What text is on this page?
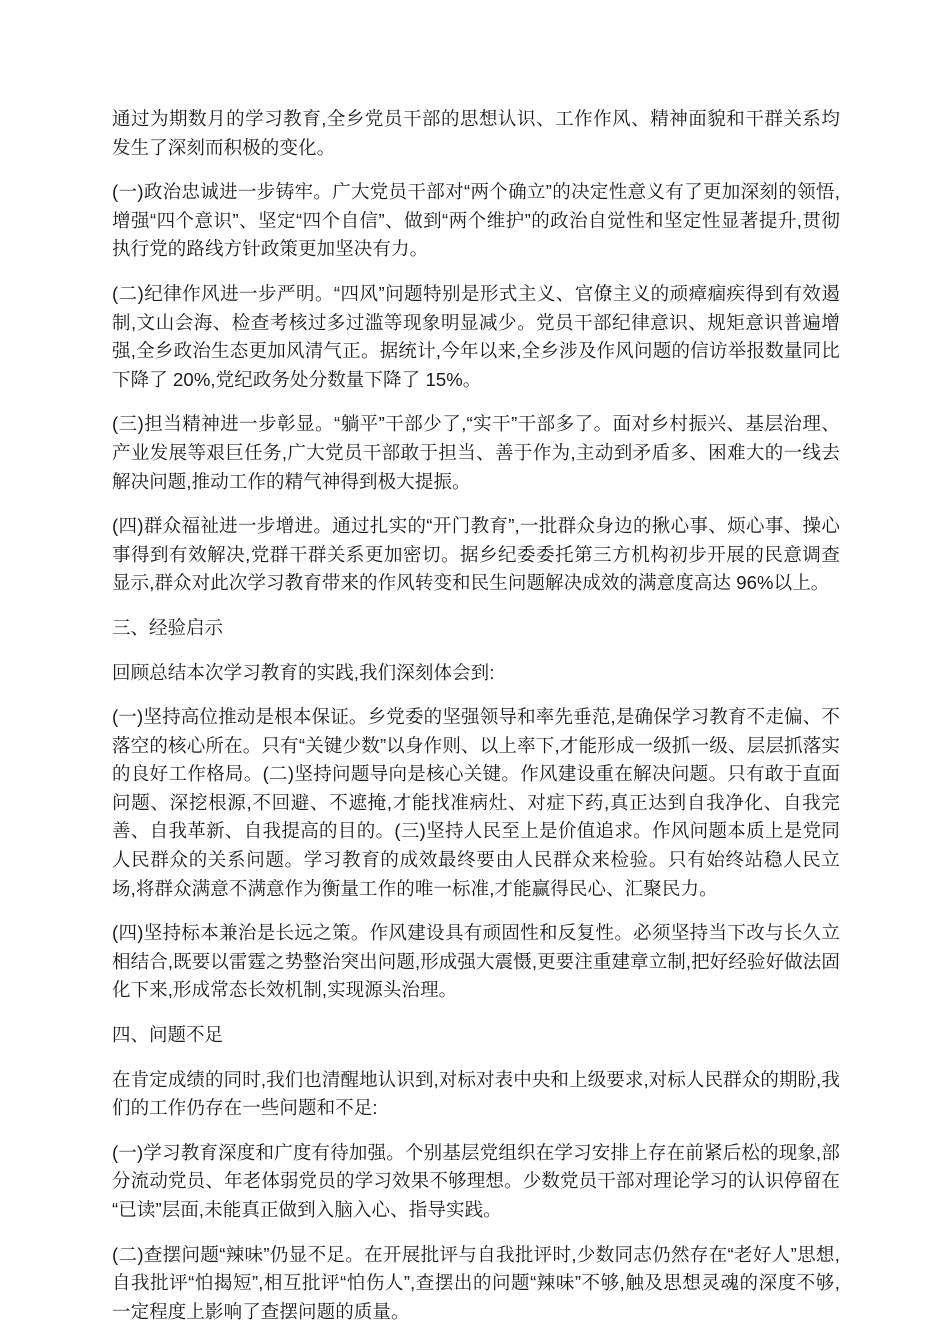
通过为期数月的学习教育,全乡党员干部的思想认识、工作作风、精神面貌和干群关系均发生了深刻而积极的变化。

(一)政治忠诚进一步铸牢。广大党员干部对“两个确立”的决定性意义有了更加深刻的领悟,增强“四个意识”、坚定“四个自信”、做到“两个维护”的政治自觉性和坚定性显著提升,贯彻执行党的路线方针政策更加坚决有力。

(二)纪律作风进一步严明。“四风”问题特别是形式主义、官僚主义的顽瘴痼疾得到有效遏制,文山会海、检查考核过多过滥等现象明显减少。党员干部纪律意识、规矩意识普遍增强,全乡政治生态更加风清气正。据统计,今年以来,全乡涉及作风问题的信访举报数量同比下降了 20%,党纪政务处分数量下降了 15%。

(三)担当精神进一步彰显。“躺平”干部少了,“实干”干部多了。面对乡村振兴、基层治理、产业发展等艰巨任务,广大党员干部敢于担当、善于作为,主动到矛盾多、困难大的一线去解决问题,推动工作的精气神得到极大提振。

(四)群众福祉进一步增进。通过扎实的“开门教育”,一批群众身边的揪心事、烦心事、操心事得到有效解决,党群干群关系更加密切。据乡纪委委托第三方机构初步开展的民意调查显示,群众对此次学习教育带来的作风转变和民生问题解决成效的满意度高达 96%以上。

三、经验启示

回顾总结本次学习教育的实践,我们深刻体会到:

(一)坚持高位推动是根本保证。乡党委的坚强领导和率先垂范,是确保学习教育不走偏、不落空的核心所在。只有“关键少数”以身作则、以上率下,才能形成一级抓一级、层层抓落实的良好工作格局。(二)坚持问题导向是核心关键。作风建设重在解决问题。只有敢于直面问题、深挖根源,不回避、不遮掩,才能找准病灶、对症下药,真正达到自我净化、自我完善、自我革新、自我提高的目的。(三)坚持人民至上是价值追求。作风问题本质上是党同人民群众的关系问题。学习教育的成效最终要由人民群众来检验。只有始终站稳人民立场,将群众满意不满意作为衡量工作的唯一标准,才能赢得民心、汇聚民力。

(四)坚持标本兼治是长远之策。作风建设具有顽固性和反复性。必须坚持当下改与长久立相结合,既要以雷霆之势整治突出问题,形成强大震慑,更要注重建章立制,把好经验好做法固化下来,形成常态长效机制,实现源头治理。

四、问题不足

在肯定成绩的同时,我们也清醒地认识到,对标对表中央和上级要求,对标人民群众的期盼,我们的工作仍存在一些问题和不足:

(一)学习教育深度和广度有待加强。个别基层党组织在学习安排上存在前紧后松的现象,部分流动党员、年老体弱党员的学习效果不够理想。少数党员干部对理论学习的认识停留在“已读”层面,未能真正做到入脑入心、指导实践。

(二)查摆问题“辣味”仍显不足。在开展批评与自我批评时,少数同志仍然存在“老好人”思想,自我批评“怕揭短”,相互批评“怕伤人”,查摆出的问题“辣味”不够,触及思想灵魂的深度不够,一定程度上影响了查摆问题的质量。
